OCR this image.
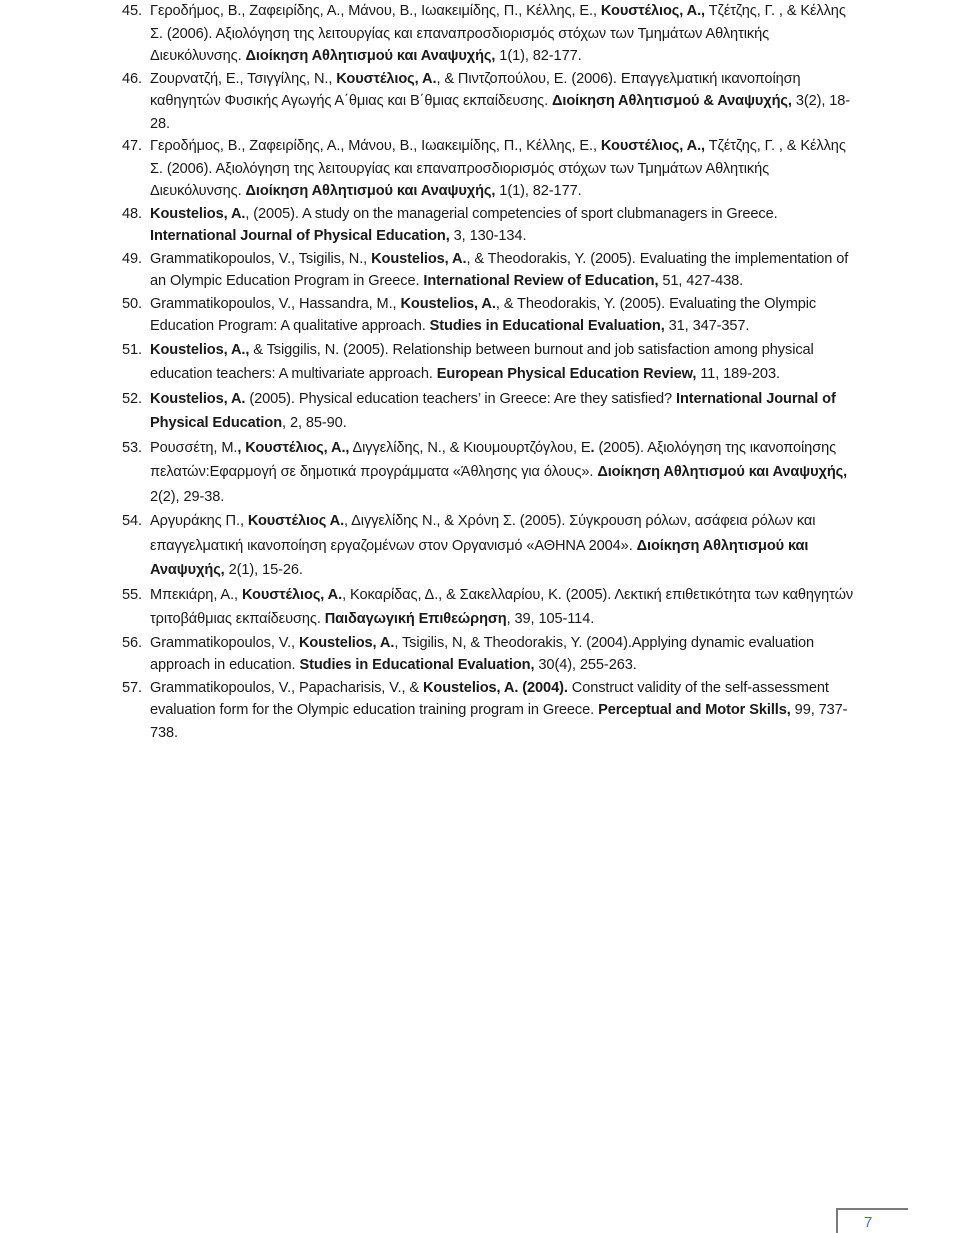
45. Γεροδήμος, Β., Ζαφειρίδης, Α., Μάνου, Β., Ιωακειμίδης, Π., Κέλλης, Ε., Κουστέλιος, Α., Τζέτζης, Γ. , & Κέλλης Σ. (2006). Αξιολόγηση της λειτουργίας και επαναπροσδιορισμός στόχων των Τμημάτων Αθλητικής Διευκόλυνσης. Διοίκηση Αθλητισμού και Αναψυχής, 1(1), 82-177.
46. Ζουρνατζή, Ε., Τσιγγίλης, Ν., Κουστέλιος, Α., & Πιντζοπούλου, Ε. (2006). Επαγγελματική ικανοποίηση καθηγητών Φυσικής Αγωγής Α΄θμιας και Β΄θμιας εκπαίδευσης. Διοίκηση Αθλητισμού & Αναψυχής, 3(2), 18-28.
47. Γεροδήμος, Β., Ζαφειρίδης, Α., Μάνου, Β., Ιωακειμίδης, Π., Κέλλης, Ε., Κουστέλιος, Α., Τζέτζης, Γ. , & Κέλλης Σ. (2006). Αξιολόγηση της λειτουργίας και επαναπροσδιορισμός στόχων των Τμημάτων Αθλητικής Διευκόλυνσης. Διοίκηση Αθλητισμού και Αναψυχής, 1(1), 82-177.
48. Koustelios, A., (2005). A study on the managerial competencies of sport clubmanagers in Greece. International Journal of Physical Education, 3, 130-134.
49. Grammatikopoulos, V., Tsigilis, N., Koustelios, A., & Theodorakis, Y. (2005). Evaluating the implementation of an Olympic Education Program in Greece. International Review of Education, 51, 427-438.
50. Grammatikopoulos, V., Hassandra, M., Koustelios, A., & Theodorakis, Y. (2005). Evaluating the Olympic Education Program: A qualitative approach. Studies in Educational Evaluation, 31, 347-357.
51. Koustelios, A., & Tsiggilis, N. (2005). Relationship between burnout and job satisfaction among physical education teachers: A multivariate approach. European Physical Education Review, 11, 189-203.
52. Koustelios, A. (2005). Physical education teachers’ in Greece: Are they satisfied? International Journal of Physical Education, 2, 85-90.
53. Ρουσσέτη, Μ., Κουστέλιος, Α., Διγγελίδης, Ν., & Κιουμουρτζόγλου, Ε. (2005). Αξιολόγηση της ικανοποίησης πελατών:Εφαρμογή σε δημοτικά προγράμματα «Άθλησης για όλους». Διοίκηση Αθλητισμού και Αναψυχής, 2(2), 29-38.
54. Αργυράκης Π., Κουστέλιος Α., Διγγελίδης Ν., & Χρόνη Σ. (2005). Σύγκρουση ρόλων, ασάφεια ρόλων και επαγγελματική ικανοποίηση εργαζομένων στον Οργανισμό «ΑΘΗΝΑ 2004». Διοίκηση Αθλητισμού και Αναψυχής, 2(1), 15-26.
55. Μπεκιάρη, Α., Κουστέλιος, Α., Κοκαρίδας, Δ., & Σακελλαρίου, Κ. (2005). Λεκτική επιθετικότητα των καθηγητών τριτοβάθμιας εκπαίδευσης. Παιδαγωγική Επιθεώρηση, 39, 105-114.
56. Grammatikopoulos, V., Koustelios, A., Tsigilis, N, & Theodorakis, Y. (2004).Applying dynamic evaluation approach in education. Studies in Educational Evaluation, 30(4), 255-263.
57. Grammatikopoulos, V., Papacharisis, V., & Koustelios, A. (2004). Construct validity of the self-assessment evaluation form for the Olympic education training program in Greece. Perceptual and Motor Skills, 99, 737-738.
7
